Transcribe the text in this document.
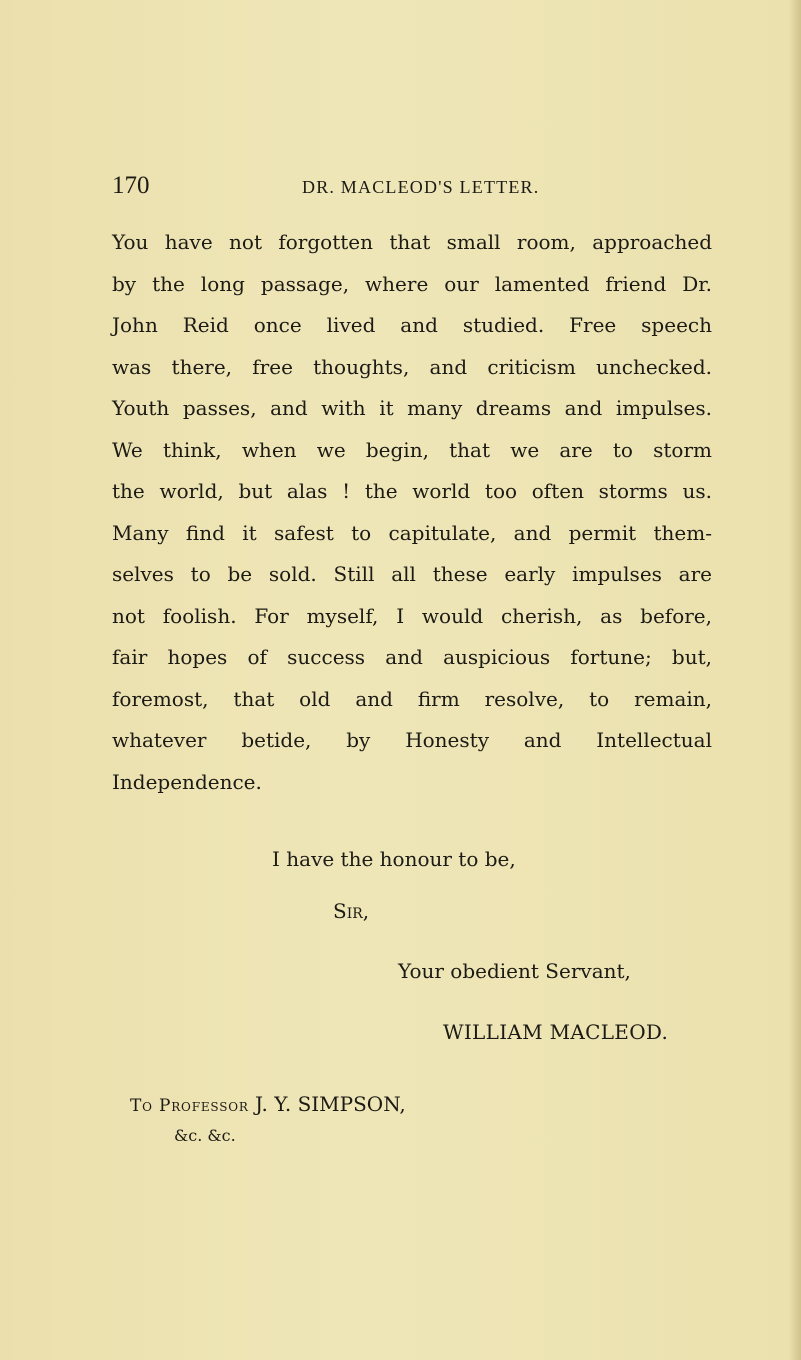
170	DR. MACLEOD'S LETTER.
You have not forgotten that small room, approached
by the long passage, where our lamented friend Dr.
John Reid once lived and studied. Free speech
was there, free thoughts, and criticism unchecked.
Youth passes, and with it many dreams and impulses.
We think, when we begin, that we are to storm
the world, but alas ! the world too often storms us.
Many find it safest to capitulate, and permit them-
selves to be sold. Still all these early impulses are
not foolish. For myself, I would cherish, as before,
fair hopes of success and auspicious fortune; but,
foremost, that old and firm resolve, to remain,
whatever betide, by Honesty and Intellectual
Independence.
I have the honour to be,
Sir,
Your obedient Servant,
WILLIAM MACLEOD.
To Professor J. Y. SIMPSON,
&c. &c.
